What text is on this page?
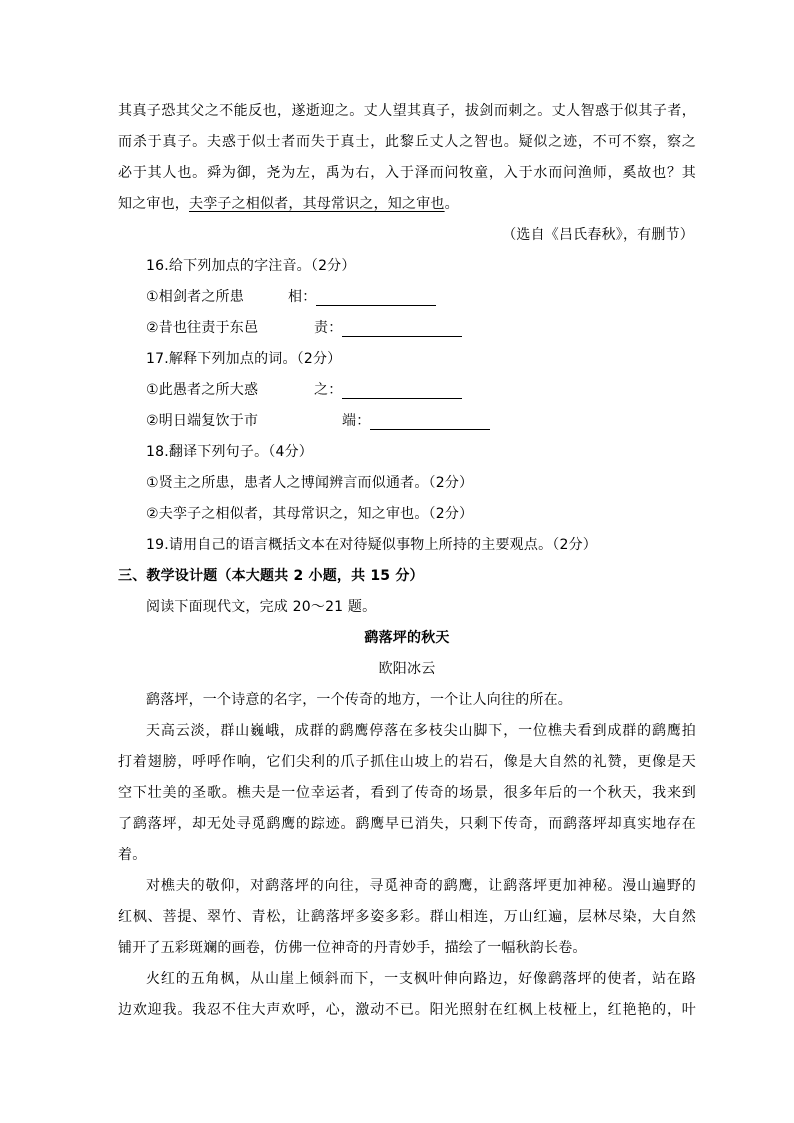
其真子恐其父之不能反也，遂逝迎之。丈人望其真子，拔剑而刺之。丈人智惑于似其子者，
而杀于真子。夫惑于似士者而失于真士，此黎丘丈人之智也。疑似之迹，不可不察，察之
必于其人也。舜为御，尧为左，禹为右，入于泽而问牧童，入于水而问渔师，奚故也？其
知之审也，夫孪子之相似者，其母常识之，知之审也。
（选自《吕氏春秋》，有删节）
16.给下列加点的字注音。（2分）
①相剑者之所患	相：
②昔也往责于东邑	责：
17.解释下列加点的词。（2分）
①此愚者之所大惑	之：
②明日端复饮于市	端：
18.翻译下列句子。（4分）
①贤主之所患，患者人之博闻辨言而似通者。（2分）
②夫孪子之相似者，其母常识之，知之审也。（2分）
19.请用自己的语言概括文本在对待疑似事物上所持的主要观点。（2分）
三、教学设计题（本大题共 2 小题，共 15 分）
阅读下面现代文，完成 20～21 题。
鹞落坪的秋天
欧阳冰云
鹞落坪，一个诗意的名字，一个传奇的地方，一个让人向往的所在。
天高云淡，群山巍峨，成群的鹞鹰停落在多枝尖山脚下，一位樵夫看到成群的鹞鹰拍
打着翅膀，呼呼作响，它们尖利的爪子抓住山坡上的岩石，像是大自然的礼赞，更像是天
空下壮美的圣歌。樵夫是一位幸运者，看到了传奇的场景，很多年后的一个秋天，我来到
了鹞落坪，却无处寻觅鹞鹰的踪迹。鹞鹰早已消失，只剩下传奇，而鹞落坪却真实地存在
着。
对樵夫的敬仰，对鹞落坪的向往，寻觅神奇的鹞鹰，让鹞落坪更加神秘。漫山遍野的
红枫、菩提、翠竹、青松，让鹞落坪多姿多彩。群山相连，万山红遍，层林尽染，大自然
铺开了五彩斑斓的画卷，仿佛一位神奇的丹青妙手，描绘了一幅秋韵长卷。
火红的五角枫，从山崖上倾斜而下，一支枫叶伸向路边，好像鹞落坪的使者，站在路
边欢迎我。我忍不住大声欢呼，心，激动不已。阳光照射在红枫上枝桠上，红艳艳的，叶
